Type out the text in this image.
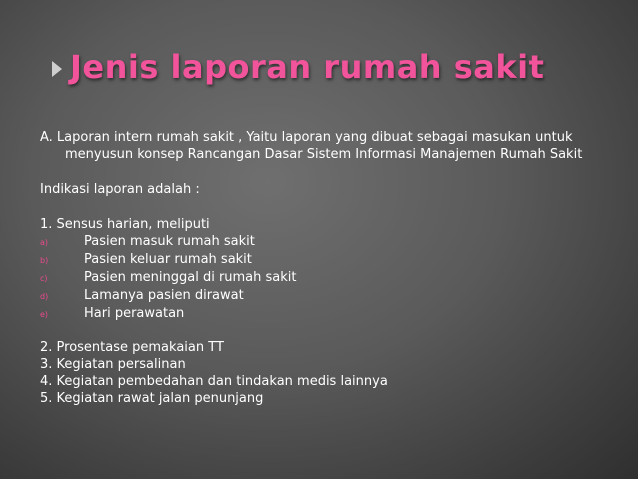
Jenis laporan rumah sakit

A. Laporan intern rumah sakit , Yaitu laporan yang dibuat sebagai masukan untuk menyusun konsep Rancangan Dasar Sistem Informasi Manajemen Rumah Sakit

Indikasi laporan adalah :

1. Sensus harian, meliputi

a)	Pasien masuk rumah sakit
b)	Pasien keluar rumah sakit
c)	Pasien meninggal di rumah sakit
d)	Lamanya pasien dirawat
e)	Hari perawatan

2. Prosentase pemakaian TT

3. Kegiatan persalinan

4. Kegiatan pembedahan dan tindakan medis lainnya

5. Kegiatan rawat jalan penunjang
